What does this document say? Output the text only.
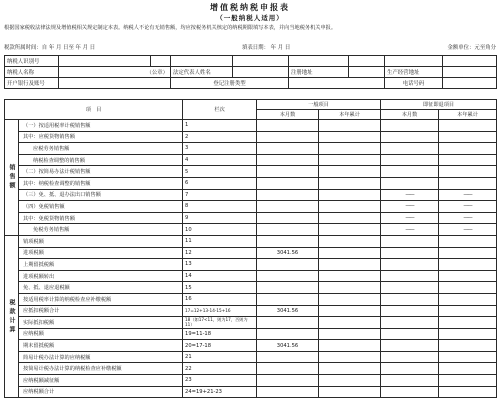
增值税纳税申报表
（一般纳税人适用）
根据国家税收法律法规及增值税相关规定制定本表。纳税人不论有无销售额，均应按税务机关核定的纳税期限填写本表，并向当地税务机关申报。
税款所属时间：自 年 月 日至 年 月 日	填表日期： 年 月 日	金额单位：元至角分
纳税人识别号								
纳税人名称	（公章）		法定代表人姓名		注册地址		生产经营地址	
开户银行及账号			登记注册类型				电话号码	
项　目		栏次	一般项目		即征即退项目	
			本月数	本年累计	本月数	本年累计
销售额	（一）按适用税率计税销售额	1				
	其中：应税货物销售额	2				
	应税劳务销售额	3				
	纳税检查调整的销售额	4				
	（二）按简易办法计税销售额	5				
	其中：纳税检查调整的销售额	6				
	（三）免、抵、退办法出口销售额	7			——	——
	（四）免税销售额	8			——	——
	其中：免税货物销售额	9			——	——
	免税劳务销售额	10			——	——
税款计算	销项税额	11				
	进项税额	12	3041.56			
	上期留抵税额	13				
	进项税额转出	14				
	免、抵、退应退税额	15				
	按适用税率计算的纳税检查应补缴税额	16				
	应抵扣税额合计	17=12+13-14-15+16	3041.56			
	实际抵扣税额	18（如17<11，则为17，否则为11）				
	应纳税额	19=11-18				
	期末留抵税额	20=17-18	3041.56			
	简易计税办法计算的应纳税额	21				
	按简易计税办法计算的纳税检查应补缴税额	22				
	应纳税额减征额	23				
	应纳税额合计	24=19+21-23				
